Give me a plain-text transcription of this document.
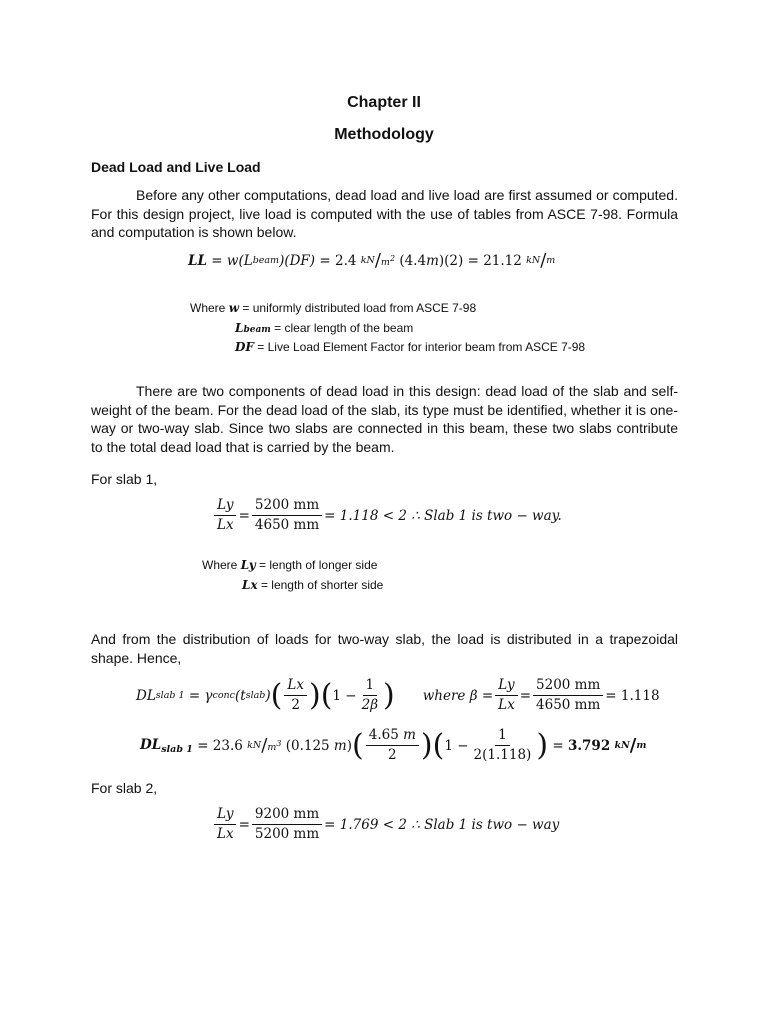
Chapter II
Methodology
Dead Load and Live Load
Before any other computations, dead load and live load are first assumed or computed. For this design project, live load is computed with the use of tables from ASCE 7-98. Formula and computation is shown below.
LL
= w(L beam )(DF) =
2.4
kN / $m^2$
(4.4 m )(2)
=
21.12
kN / m
Where w = uniformly distributed load from ASCE 7-98
Lbeam = clear length of the beam
DF = Live Load Element Factor for interior beam from ASCE 7-98
There are two components of dead load in this design: dead load of the slab and self-weight of the beam. For the dead load of the slab, its type must be identified, whether it is one-way or two-way slab. Since two slabs are connected in this beam, these two slabs contribute to the total dead load that is carried by the beam.
For slab 1,
$\frac{Ly}{Lx} = \frac{5200 mm}{4650 mm} = 1.118 < 2$ ∴ Slab 1 is two − way.
Where Ly = length of longer side
Lx = length of shorter side
And from the distribution of loads for two-way slab, the load is distributed in a trapezoidal shape. Hence,
DL slab 1
= γ conc (t slab ) ( $\frac{Lx}{2}$ ) ( $1 - \frac{1}{2\beta}$ ) where $\beta = \frac{Ly}{Lx} = \frac{5200 mm}{4650 mm} = 1.118$
$DL_{slab 1}$
=
23.6
kN / $m^3$
(0.125 m ) ( $\frac{4.65 m}{2}$ ) ( $1 - \frac{1}{2(1.118)}$ )
=
3.792
kN / m
For slab 2,
$\frac{Ly}{Lx} = \frac{9200 mm}{5200 mm} = 1.769 < 2$ ∴ Slab 1 is two − way
